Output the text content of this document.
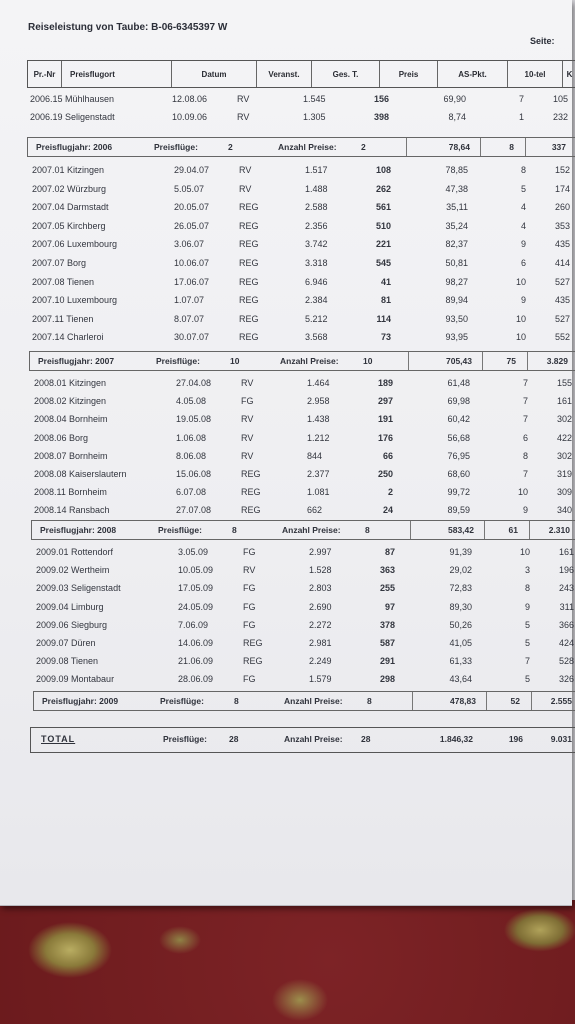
Reiseleistung von Taube: B-06-6345397 W
Seite:
Pr.-Nr	Preisflugort	Datum	Veranst.	Ges. T.	Preis	AS-Pkt.	10-tel	K
2006.15 Mühlhausen	12.08.06	RV	1.545	156	69,90	7	105
2006.19 Seligenstadt	10.09.06	RV	1.305	398	8,74	1	232
Preisflugjahr: 2006	Preisflüge:	2	Anzahl Preise:	2	78,64	8	337
2007.01 Kitzingen	29.04.07	RV	1.517	108	78,85	8	152
2007.02 Würzburg	5.05.07	RV	1.488	262	47,38	5	174
2007.04 Darmstadt	20.05.07	REG	2.588	561	35,11	4	260
2007.05 Kirchberg	26.05.07	REG	2.356	510	35,24	4	353
2007.06 Luxembourg	3.06.07	REG	3.742	221	82,37	9	435
2007.07 Borg	10.06.07	REG	3.318	545	50,81	6	414
2007.08 Tienen	17.06.07	REG	6.946	41	98,27	10	527
2007.10 Luxembourg	1.07.07	REG	2.384	81	89,94	9	435
2007.11 Tienen	8.07.07	REG	5.212	114	93,50	10	527
2007.14 Charleroi	30.07.07	REG	3.568	73	93,95	10	552
Preisflugjahr: 2007	Preisflüge:	10	Anzahl Preise:	10	705,43	75	3.829
2008.01 Kitzingen	27.04.08	RV	1.464	189	61,48	7	155
2008.02 Kitzingen	4.05.08	FG	2.958	297	69,98	7	161
2008.04 Bornheim	19.05.08	RV	1.438	191	60,42	7	302
2008.06 Borg	1.06.08	RV	1.212	176	56,68	6	422
2008.07 Bornheim	8.06.08	RV	844	66	76,95	8	302
2008.08 Kaiserslautern	15.06.08	REG	2.377	250	68,60	7	319
2008.11 Bornheim	6.07.08	REG	1.081	2	99,72	10	309
2008.14 Ransbach	27.07.08	REG	662	24	89,59	9	340
Preisflugjahr: 2008	Preisflüge:	8	Anzahl Preise:	8	583,42	61	2.310
2009.01 Rottendorf	3.05.09	FG	2.997	87	91,39	10	161
2009.02 Wertheim	10.05.09	RV	1.528	363	29,02	3	196
2009.03 Seligenstadt	17.05.09	FG	2.803	255	72,83	8	243
2009.04 Limburg	24.05.09	FG	2.690	97	89,30	9	311
2009.06 Siegburg	7.06.09	FG	2.272	378	50,26	5	366
2009.07 Düren	14.06.09	REG	2.981	587	41,05	5	424
2009.08 Tienen	21.06.09	REG	2.249	291	61,33	7	528
2009.09 Montabaur	28.06.09	FG	1.579	298	43,64	5	326
Preisflugjahr: 2009	Preisflüge:	8	Anzahl Preise:	8	478,83	52	2.555
TOTAL	Preisflüge:	28	Anzahl Preise: 28	1.846,32	196	9.031
